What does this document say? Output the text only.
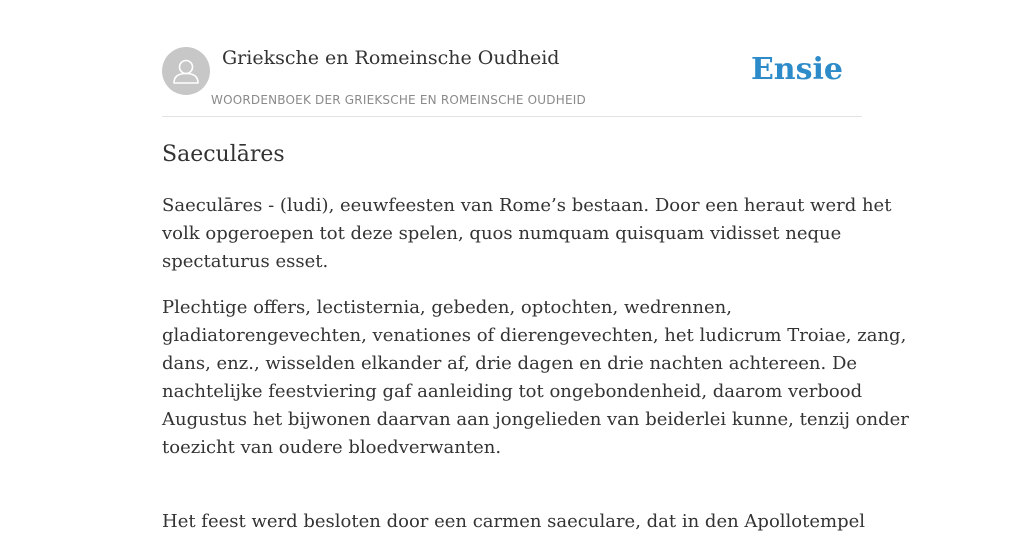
Grieksche en Romeinsche Oudheid
WOORDENBOEK DER GRIEKSCHE EN ROMEINSCHE OUDHEID
Ensie
Saeculāres

Saeculāres - (ludi), eeuwfeesten van Rome’s bestaan. Door een heraut werd het
volk opgeroepen tot deze spelen, quos numquam quisquam vidisset neque
spectaturus esset.

Plechtige offers, lectisternia, gebeden, optochten, wedrennen,
gladiatorengevechten, venationes of dierengevechten, het ludicrum Troiae, zang,
dans, enz., wisselden elkander af, drie dagen en drie nachten achtereen. De
nachtelijke feestviering gaf aanleiding tot ongebondenheid, daarom verbood
Augustus het bijwonen daarvan aan jongelieden van beiderlei kunne, tenzij onder
toezicht van oudere bloedverwanten.

Het feest werd besloten door een carmen saeculare, dat in den Apollotempel
